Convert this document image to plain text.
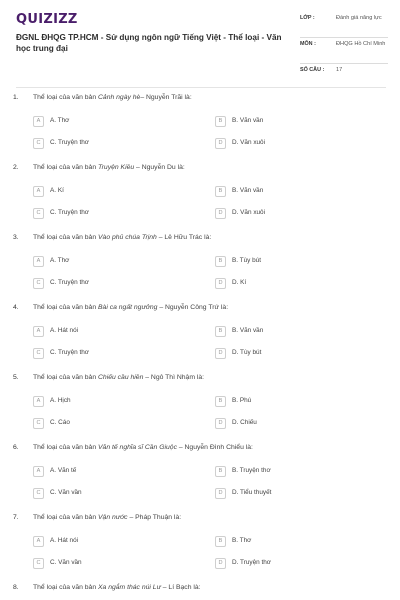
QUIZIZZ
ĐGNL ĐHQG TP.HCM - Sử dụng ngôn ngữ Tiếng Việt - Thể loại - Văn học trung đại
LỚP :	Đánh giá năng lực
MÔN :	ĐHQG Hồ Chí Minh
SỐ CÂU :	17
1. Thể loại của văn bản Cảnh ngày hè– Nguyễn Trãi là:
A	A. Thơ	B	B. Văn vần
C	C. Truyện thơ	D	D. Văn xuôi
2. Thể loại của văn bản Truyện Kiều – Nguyễn Du là:
A	A. Kí	B	B. Văn vần
C	C. Truyện thơ	D	D. Văn xuôi
3. Thể loại của văn bản Vào phủ chúa Trịnh – Lê Hữu Trác là:
A	A. Thơ	B	B. Tùy bút
C	C. Truyện thơ	D	D. Kí
4. Thể loại của văn bản Bài ca ngất ngưởng – Nguyễn Công Trứ là:
A	A. Hát nói	B	B. Văn vần
C	C. Truyện thơ	D	D. Tùy bút
5. Thể loại của văn bản Chiếu cầu hiền – Ngô Thì Nhậm là:
A	A. Hịch	B	B. Phú
C	C. Cáo	D	D. Chiếu
6. Thể loại của văn bản Văn tế nghĩa sĩ Cần Giuộc – Nguyễn Đình Chiểu là:
A	A. Văn tế	B	B. Truyện thơ
C	C. Văn vần	D	D. Tiểu thuyết
7. Thể loại của văn bản Vận nước – Pháp Thuận là:
A	A. Hát nói	B	B. Thơ
C	C. Văn vần	D	D. Truyện thơ
8. Thể loại của văn bản Xa ngắm thác núi Lư – Lí Bạch là:
